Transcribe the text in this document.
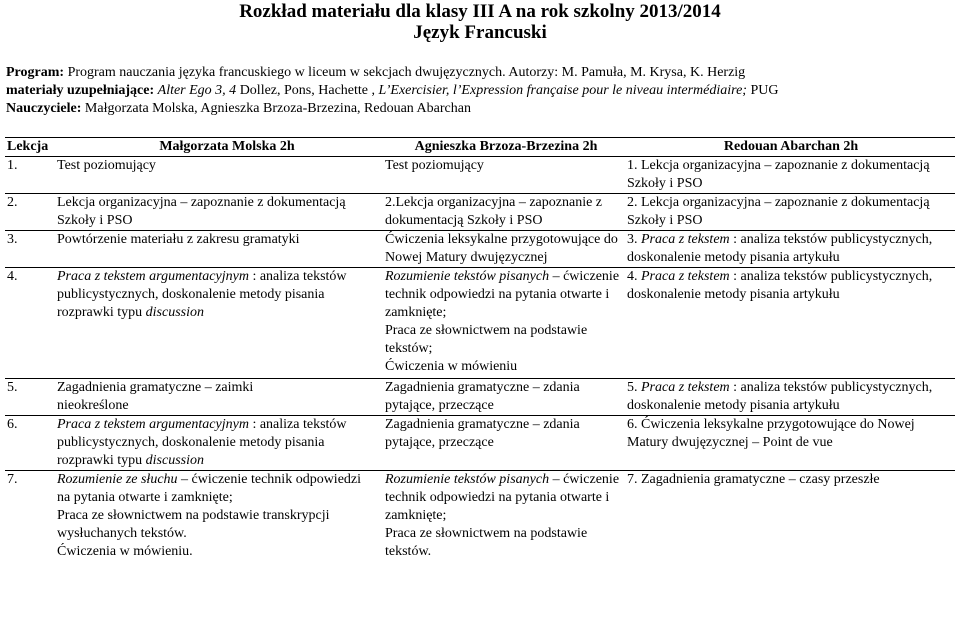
Rozkład materiału dla klasy III A na rok szkolny 2013/2014
Język Francuski
Program: Program nauczania języka francuskiego w liceum w sekcjach dwujęzycznych. Autorzy: M. Pamuła, M. Krysa, K. Herzig
materiały uzupełniające: Alter Ego 3, 4 Dollez, Pons, Hachette , L’Exercisier, l’Expression française pour le niveau intermédiaire; PUG
Nauczyciele: Małgorzata Molska, Agnieszka Brzoza-Brzezina, Redouan Abarchan
Lekcja	Małgorzata Molska 2h	Agnieszka Brzoza-Brzezina 2h	Redouan Abarchan 2h

1. Test poziomujący		Test poziomujący	1. Lekcja organizacyjna – zapoznanie z dokumentacją Szkoły i PSO

2. Lekcja organizacyjna – zapoznanie z dokumentacją Szkoły i PSO		2.Lekcja organizacyjna – zapoznanie z dokumentacją Szkoły i PSO	2. Lekcja organizacyjna – zapoznanie z dokumentacją Szkoły i PSO

3. Powtórzenie materiału z zakresu gramatyki		Ćwiczenia leksykalne przygotowujące do Nowej Matury dwujęzycznej	3. Praca z tekstem : analiza tekstów publicystycznych, doskonalenie metody pisania artykułu

4. Praca z tekstem argumentacyjnym : analiza tekstów publicystycznych, doskonalenie metody pisania rozprawki typu discussion		Rozumienie tekstów pisanych – ćwiczenie technik odpowiedzi na pytania otwarte i zamknięte;
Praca ze słownictwem na podstawie tekstów;
Ćwiczenia w mówieniu	4. Praca z tekstem : analiza tekstów publicystycznych, doskonalenie metody pisania artykułu

5. Zagadnienia gramatyczne – zaimki nieokreślone		Zagadnienia gramatyczne – zdania pytające, przeczące	5. Praca z tekstem : analiza tekstów publicystycznych, doskonalenie metody pisania artykułu

6. Praca z tekstem argumentacyjnym : analiza tekstów publicystycznych, doskonalenie metody pisania rozprawki typu discussion		Zagadnienia gramatyczne – zdania pytające, przeczące	6. Ćwiczenia leksykalne przygotowujące do Nowej Matury dwujęzycznej – Point de vue

7. Rozumienie ze słuchu – ćwiczenie technik odpowiedzi na pytania otwarte i zamknięte;
Praca ze słownictwem na podstawie transkrypcji wysłuchanych tekstów.
Ćwiczenia w mówieniu.		Rozumienie tekstów pisanych – ćwiczenie technik odpowiedzi na pytania otwarte i zamknięte;
Praca ze słownictwem na podstawie tekstów.	7. Zagadnienia gramatyczne – czasy przeszłe
